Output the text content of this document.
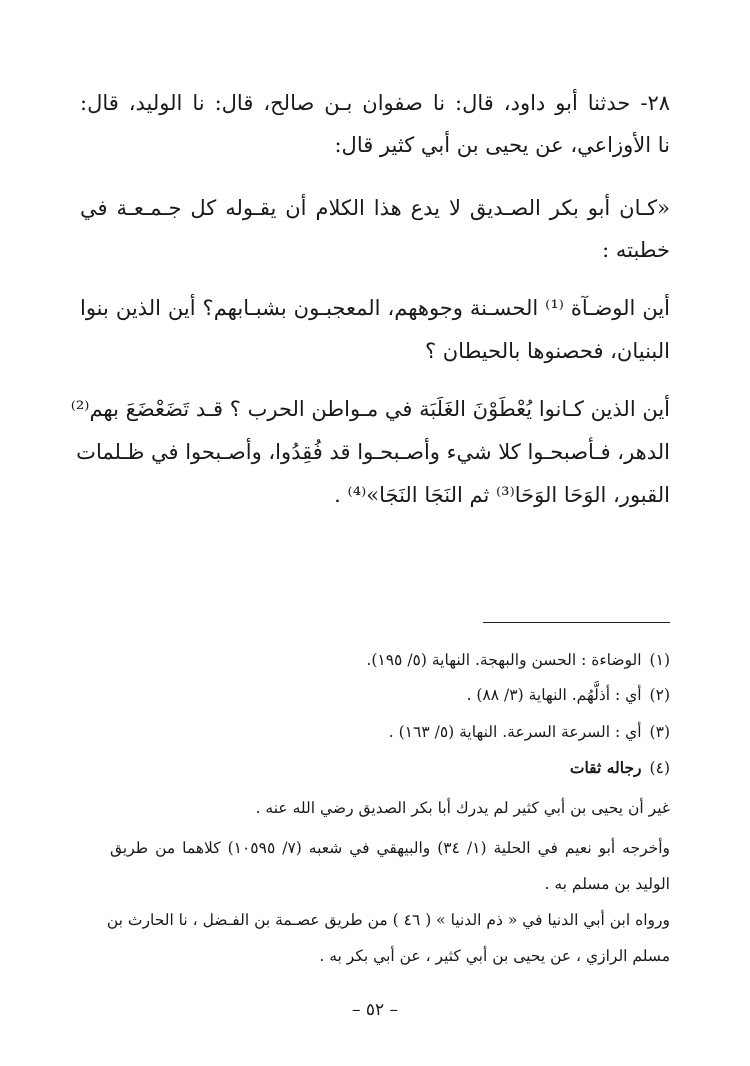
٢٨- حدثنا أبو داود، قال: نا صفوان بـن صالح، قال: نا الوليد، قال:
نا الأوزاعي، عن يحيى بن أبي كثير قال:
«كـان أبو بكر الصـديق لا يدع هذا الكلام أن يقـوله كل جـمـعـة في
خطبته :
أين الوضـآة ⁽¹⁾ الحسـنة وجوههم، المعجبـون بشبـابهم؟ أين الذين بنوا
البنيان، فحصنوها بالحيطان ؟
أين الذين كـانوا يُعْطَوْنَ الغَلَبَة في مـواطن الحرب ؟ قـد تَضَعْضَعَ بهم⁽²⁾
الدهر، فـأصبحـوا كلا شيء وأصـبحـوا قد فُقِدُوا، وأصـبحوا في ظـلمات
القبور، الوَحَا الوَحَا⁽³⁾ ثم النَجَا النَجَا»⁽⁴⁾ .
(١)الوضاءة : الحسن والبهجة. النهاية (٥/ ١٩٥).
(٢)أي : أذلَّهُم. النهاية (٣/ ٨٨) .
(٣)أي : السرعة السرعة. النهاية (٥/ ١٦٣) .
(٤)رجاله ثقات
غير أن يحيى بن أبي كثير لم يدرك أبا بكر الصديق رضي الله عنه .
وأخرجه أبو نعيم في الحلية (١/ ٣٤) والبيهقي في شعبه (٧/ ١٠٥٩٥) كلاهما من طريق
الوليد بن مسلم به .
ورواه ابن أبي الدنيا في « ذم الدنيا » ( ٤٦ ) من طريق عصـمة بن الفـضل ، نا الحارث بن
مسلم الرازي ، عن يحيى بن أبي كثير ، عن أبي بكر به .
– ٥٢ –
